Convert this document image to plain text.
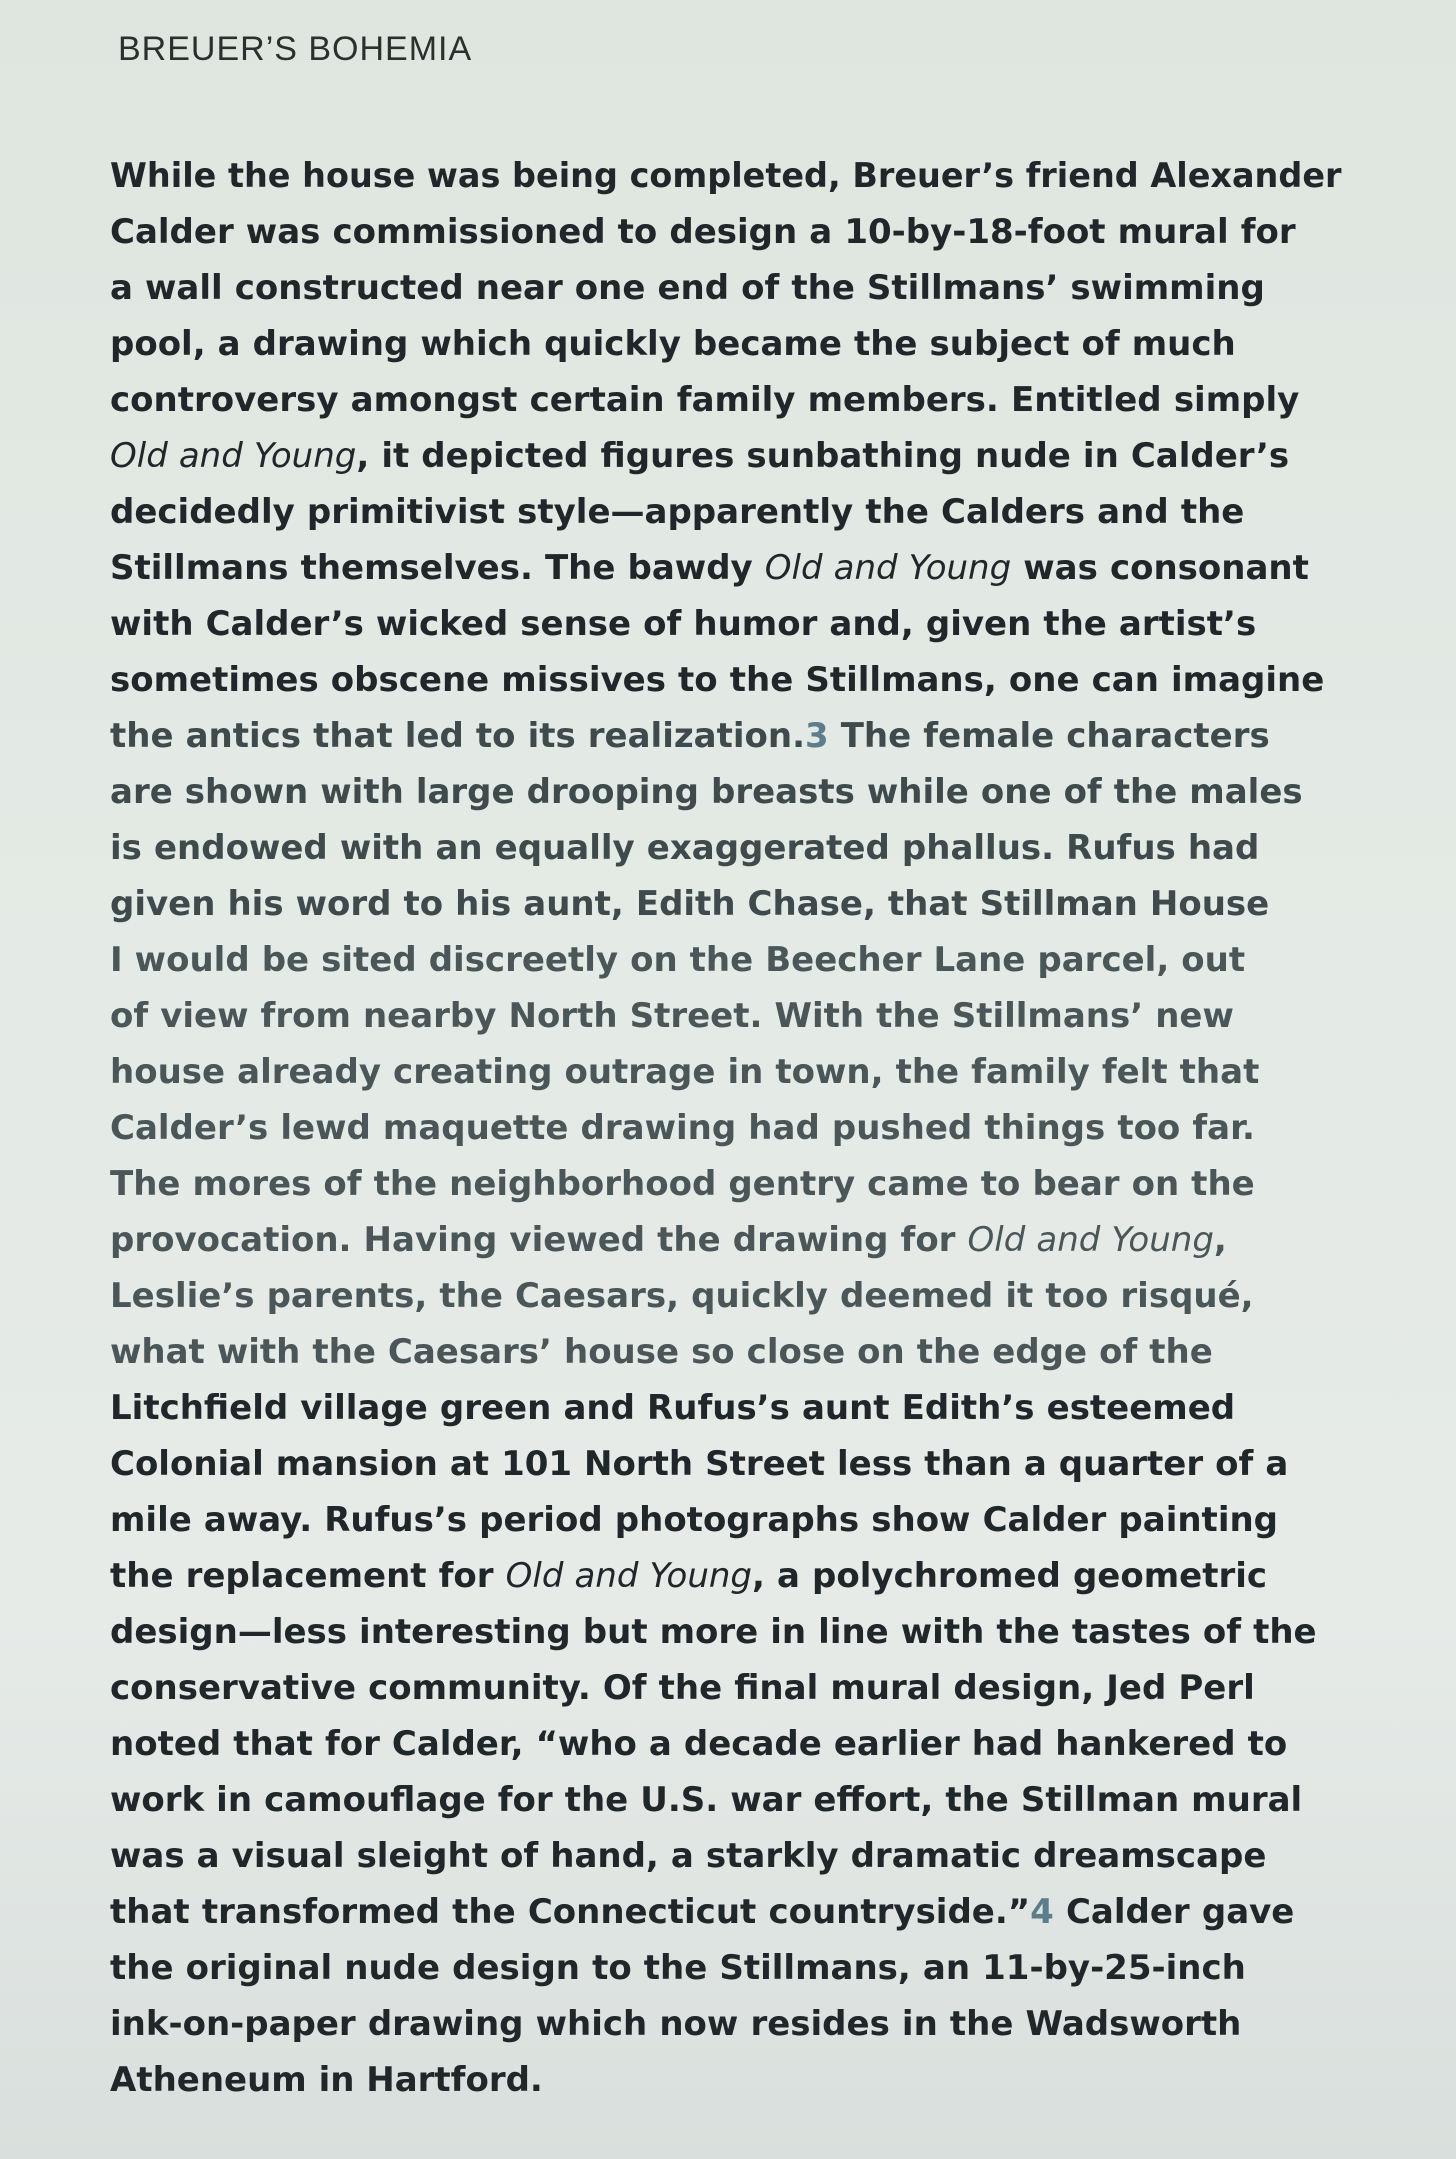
BREUER’S BOHEMIA
While the house was being completed, Breuer’s friend Alexander
Calder was commissioned to design a 10-by-18-foot mural for
a wall constructed near one end of the Stillmans’ swimming
pool, a drawing which quickly became the subject of much
controversy amongst certain family members. Entitled simply
Old and Young, it depicted figures sunbathing nude in Calder’s
decidedly primitivist style—apparently the Calders and the
Stillmans themselves. The bawdy Old and Young was consonant
with Calder’s wicked sense of humor and, given the artist’s
sometimes obscene missives to the Stillmans, one can imagine
the antics that led to its realization.3 The female characters
are shown with large drooping breasts while one of the males
is endowed with an equally exaggerated phallus. Rufus had
given his word to his aunt, Edith Chase, that Stillman House
I would be sited discreetly on the Beecher Lane parcel, out
of view from nearby North Street. With the Stillmans’ new
house already creating outrage in town, the family felt that
Calder’s lewd maquette drawing had pushed things too far.
The mores of the neighborhood gentry came to bear on the
provocation. Having viewed the drawing for Old and Young,
Leslie’s parents, the Caesars, quickly deemed it too risqué,
what with the Caesars’ house so close on the edge of the
Litchfield village green and Rufus’s aunt Edith’s esteemed
Colonial mansion at 101 North Street less than a quarter of a
mile away. Rufus’s period photographs show Calder painting
the replacement for Old and Young, a polychromed geometric
design—less interesting but more in line with the tastes of the
conservative community. Of the final mural design, Jed Perl
noted that for Calder, “who a decade earlier had hankered to
work in camouflage for the U.S. war effort, the Stillman mural
was a visual sleight of hand, a starkly dramatic dreamscape
that transformed the Connecticut countryside.”4 Calder gave
the original nude design to the Stillmans, an 11-by-25-inch
ink-on-paper drawing which now resides in the Wadsworth
Atheneum in Hartford.
